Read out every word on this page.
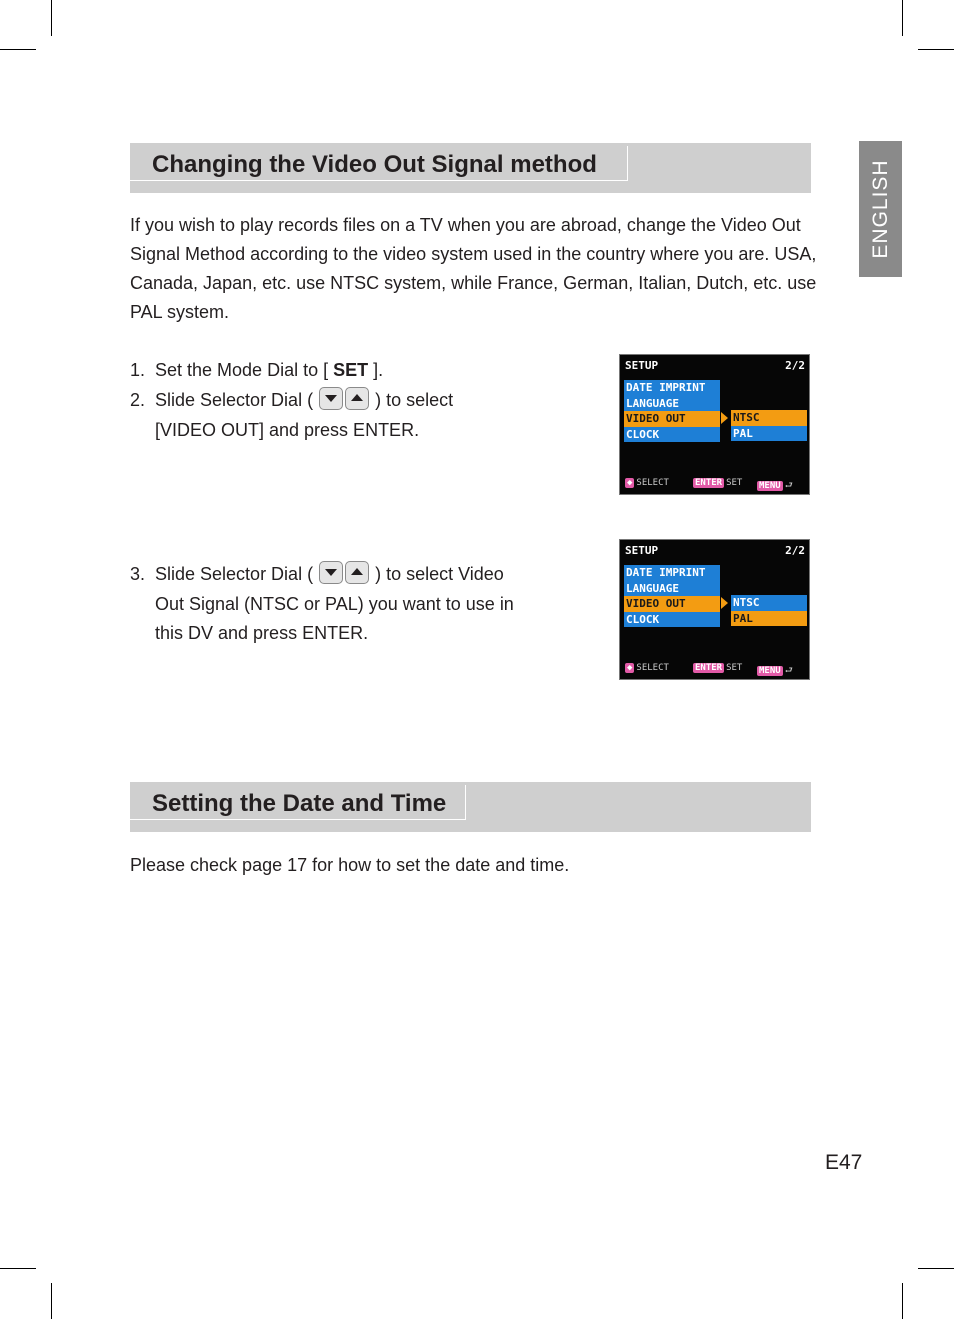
ENGLISH
Changing the Video Out Signal method

If you wish to play records files on a TV when you are abroad, change the Video Out Signal Method according to the video system used in the country where you are. USA, Canada, Japan, etc. use NTSC system, while France, German, Italian, Dutch, etc. use PAL system.

1. Set the Mode Dial to [ SET ].
2. Slide Selector Dial (	) to select
[VIDEO OUT] and press ENTER.
3. Slide Selector Dial (	) to select Video
Out Signal (NTSC or PAL) you want to use in
this DV and press ENTER.
SETUP	2/2
DATE IMPRINT
LANGUAGE
VIDEO OUT
CLOCK
NTSC
PAL
◆ SELECT	ENTER SET MENU ⮐
SETUP	2/2
DATE IMPRINT
LANGUAGE
VIDEO OUT
CLOCK
NTSC
PAL
◆ SELECT	ENTER SET MENU ⮐
Setting the Date and Time

Please check page 17 for how to set the date and time.

E47
